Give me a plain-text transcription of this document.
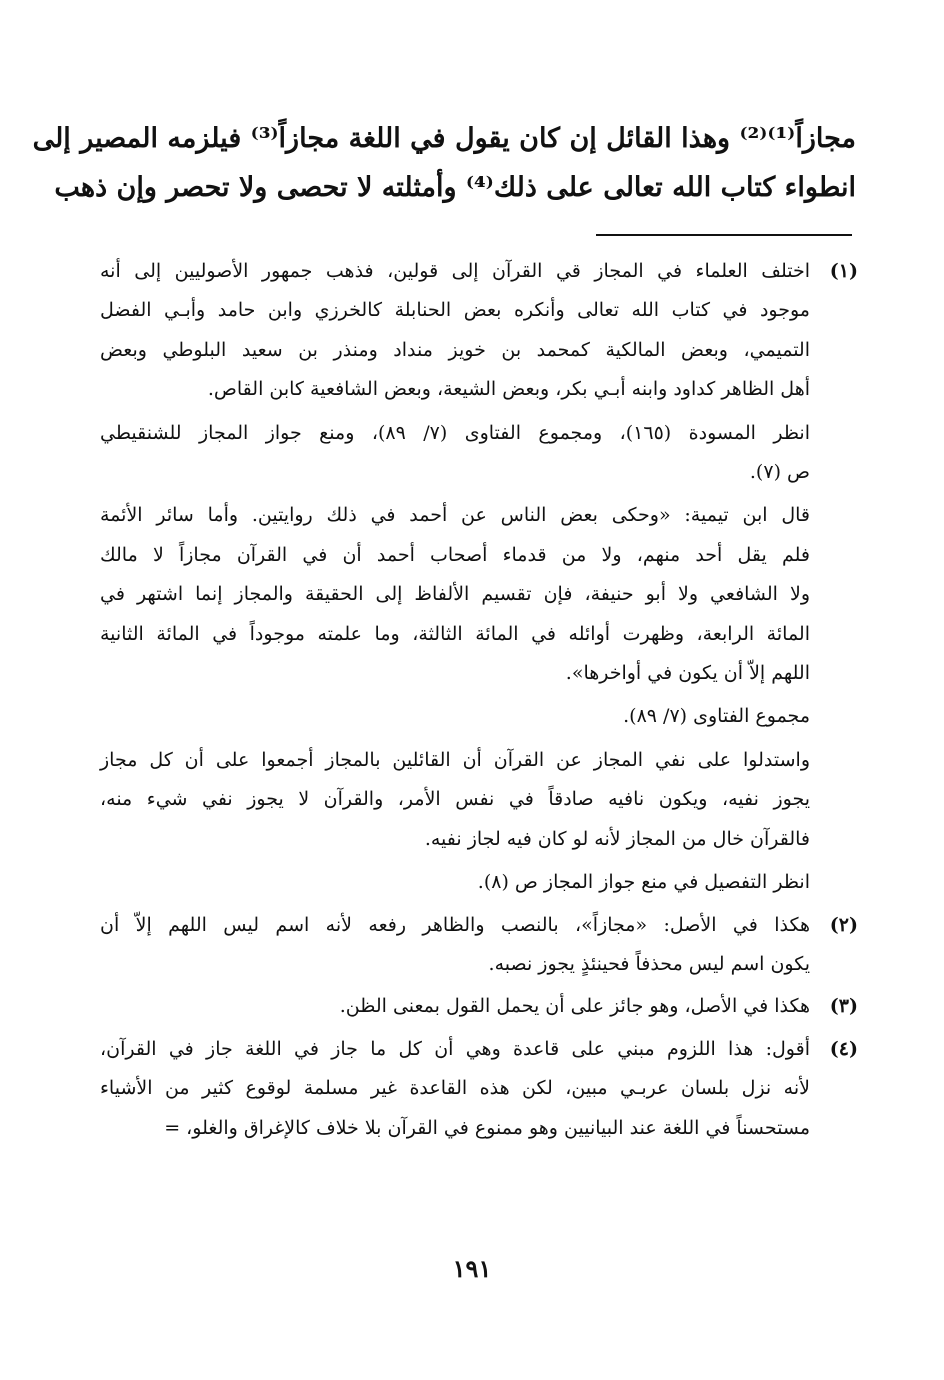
مجازاً⁽¹⁾⁽²⁾ وهذا القائل إن كان يقول في اللغة مجازاً⁽³⁾ فيلزمه المصير إلى
انطواء كتاب الله تعالى على ذلك⁽⁴⁾ وأمثلته لا تحصى ولا تحصر وإن ذهب
(١)
اختلف العلماء في المجاز قي القرآن إلى قولين، فذهب جمهور الأصوليين إلى أنه
موجود في كتاب الله تعالى وأنكره بعض الحنابلة كالخرزي وابن حامد وأبـي الفضل
التميمي، وبعض المالكية كمحمد بن خويز منداد ومنذر بن سعيد البلوطي وبعض
أهل الظاهر كداود وابنه أبـي بكر، وبعض الشيعة، وبعض الشافعية كابن القاص.
انظر المسودة (١٦٥)، ومجموع الفتاوى (٧/ ٨٩)، ومنع جواز المجاز للشنقيطي
ص (٧).
قال ابن تيمية: «وحكى بعض الناس عن أحمد في ذلك روايتين. وأما سائر الأئمة
فلم يقل أحد منهم، ولا من قدماء أصحاب أحمد أن في القرآن مجازاً لا مالك
ولا الشافعي ولا أبو حنيفة، فإن تقسيم الألفاظ إلى الحقيقة والمجاز إنما اشتهر في
المائة الرابعة، وظهرت أوائله في المائة الثالثة، وما علمته موجوداً في المائة الثانية
اللهم إلاّ أن يكون في أواخرها».
مجموع الفتاوى (٧/ ٨٩).
واستدلوا على نفي المجاز عن القرآن أن القائلين بالمجاز أجمعوا على أن كل مجاز
يجوز نفيه، ويكون نافيه صادقاً في نفس الأمر، والقرآن لا يجوز نفي شيء منه،
فالقرآن خال من المجاز لأنه لو كان فيه لجاز نفيه.
انظر التفصيل في منع جواز المجاز ص (٨).
(٢)
هكذا في الأصل: «مجازاً»، بالنصب والظاهر رفعه لأنه اسم ليس اللهم إلاّ أن
يكون اسم ليس محذفاً فحينئذٍ يجوز نصبه.
(٣)
هكذا في الأصل، وهو جائز على أن يحمل القول بمعنى الظن.
(٤)
أقول: هذا اللزوم مبني على قاعدة وهي أن كل ما جاز في اللغة جاز في القرآن،
لأنه نزل بلسان عربـي مبين، لكن هذه القاعدة غير مسلمة لوقوع كثير من الأشياء
مستحسناً في اللغة عند البيانيين وهو ممنوع في القرآن بلا خلاف كالإغراق والغلو، =
١٩١
